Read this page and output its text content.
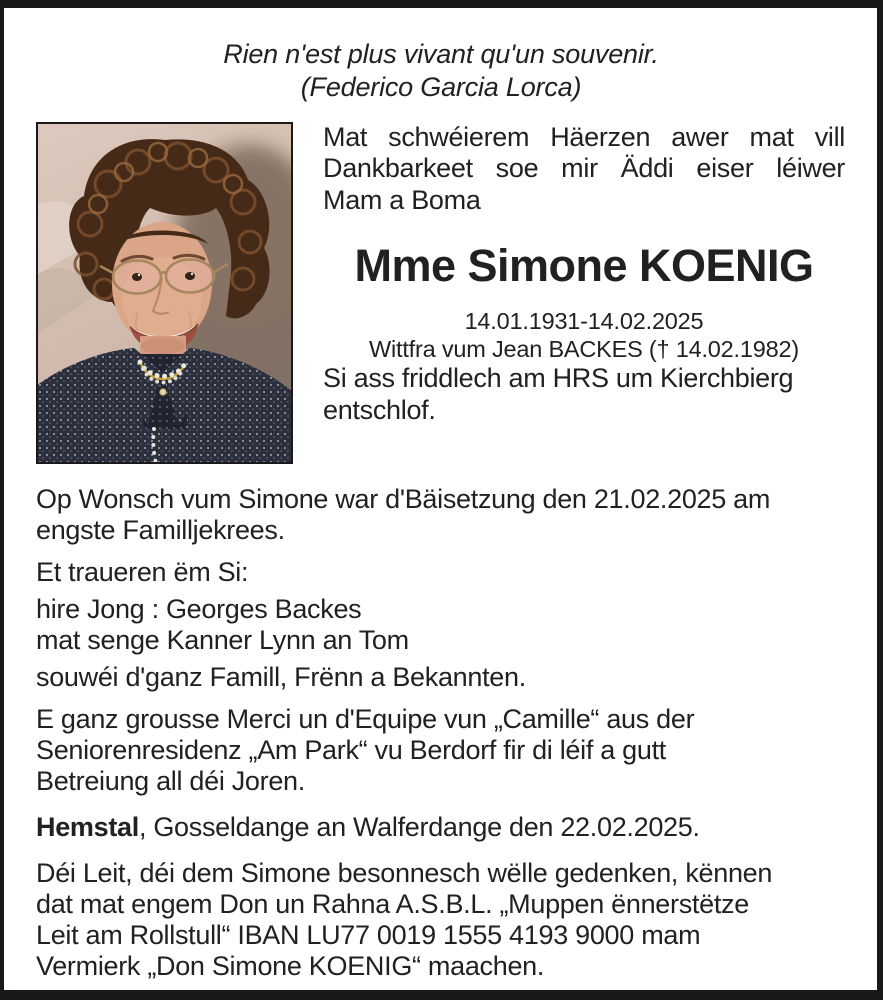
Rien n'est plus vivant qu'un souvenir.
(Federico Garcia Lorca)
Mat schwéierem Häerzen awer mat vill
Dankbarkeet soe mir Äddi eiser léiwer
Mam a Boma
Mme Simone KOENIG
14.01.1931-14.02.2025
Wittfra vum Jean BACKES († 14.02.1982)
Si ass friddlech am HRS um Kierchbierg
entschlof.
Op Wonsch vum Simone war d'Bäisetzung den 21.02.2025 am
engste Familljekrees.
Et traueren ëm Si:
hire Jong : Georges Backes
mat senge Kanner Lynn an Tom
souwéi d'ganz Famill, Frënn a Bekannten.
E ganz grousse Merci un d'Equipe vun „Camille“ aus der
Seniorenresidenz „Am Park“ vu Berdorf fir di léif a gutt
Betreiung all déi Joren.
Hemstal, Gosseldange an Walferdange den 22.02.2025.
Déi Leit, déi dem Simone besonnesch wëlle gedenken, kënnen
dat mat engem Don un Rahna A.S.B.L. „Muppen ënnerstëtze
Leit am Rollstull“ IBAN LU77 0019 1555 4193 9000 mam
Vermierk „Don Simone KOENIG“ maachen.
